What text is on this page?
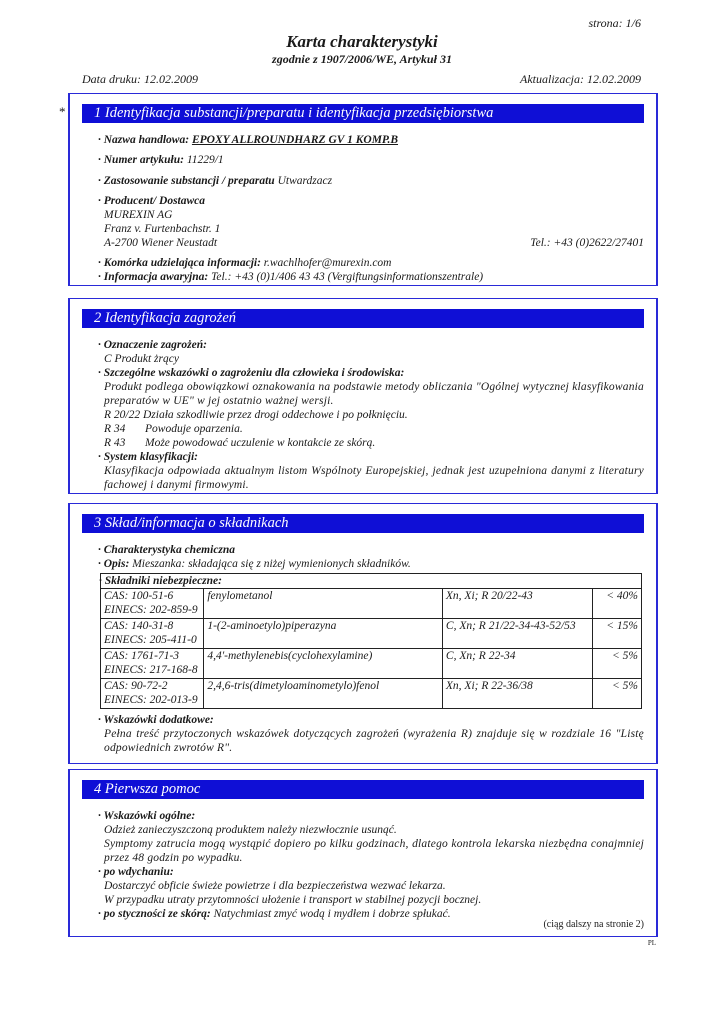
strona: 1/6
Karta charakterystyki
zgodnie z 1907/2006/WE, Artykuł 31
Data druku: 12.02.2009	Aktualizacja: 12.02.2009
*	1 Identyfikacja substancji/preparatu i identyfikacja przedsiębiorstwa
· Nazwa handlowa: EPOXY ALLROUNDHARZ GV 1 KOMP.B
· Numer artykułu: 11229/1
· Zastosowanie substancji / preparatu Utwardzacz
· Producent/ Dostawca
MUREXIN AG
Franz v. Furtenbachstr. 1
A-2700 Wiener Neustadt	Tel.: +43 (0)2622/27401
· Komórka udzielająca informacji: r.wachlhofer@murexin.com
· Informacja awaryjna: Tel.: +43 (0)1/406 43 43 (Vergiftungsinformationszentrale)
2 Identyfikacja zagrożeń
· Oznaczenie zagrożeń:
C Produkt żrący
· Szczególne wskazówki o zagrożeniu dla człowieka i środowiska:
Produkt podlega obowiązkowi oznakowania na podstawie metody obliczania "Ogólnej wytycznej klasyfikowania preparatów w UE" w jej ostatnio ważnej wersji.
R 20/22 Działa szkodliwie przez drogi oddechowe i po połknięciu.
R 34 Powoduje oparzenia.
R 43 Może powodować uczulenie w kontakcie ze skórą.
· System klasyfikacji:
Klasyfikacja odpowiada aktualnym listom Wspólnoty Europejskiej, jednak jest uzupełniona danymi z literatury fachowej i danymi firmowymi.
3 Skład/informacja o składnikach
· Charakterystyka chemiczna
· Opis: Mieszanka: składająca się z niżej wymienionych składników.
· Składniki niebezpieczne:
CAS: 100-51-6
EINECS: 202-859-9	fenylometanol	Xn, Xi; R 20/22-43	< 40%

CAS: 140-31-8
EINECS: 205-411-0	1-(2-aminoetylo)piperazyna	C, Xn; R 21/22-34-43-52/53	< 15%

CAS: 1761-71-3
EINECS: 217-168-8	4,4'-methylenebis(cyclohexylamine)	C, Xn; R 22-34	< 5%

CAS: 90-72-2
EINECS: 202-013-9	2,4,6-tris(dimetyloaminometylo)fenol	Xn, Xi; R 22-36/38	< 5%
· Wskazówki dodatkowe:
Pełna treść przytoczonych wskazówek dotyczących zagrożeń (wyrażenia R) znajduje się w rozdziale 16 "Listę odpowiednich zwrotów R".
4 Pierwsza pomoc
· Wskazówki ogólne:
Odzież zanieczyszczoną produktem należy niezwłocznie usunąć.
Symptomy zatrucia mogą wystąpić dopiero po kilku godzinach, dlatego kontrola lekarska niezbędna conajmniej przez 48 godzin po wypadku.
· po wdychaniu:
Dostarczyć obficie świeże powietrze i dla bezpieczeństwa wezwać lekarza.
W przypadku utraty przytomności ułożenie i transport w stabilnej pozycji bocznej.
· po styczności ze skórą: Natychmiast zmyć wodą i mydłem i dobrze spłukać.
(ciąg dalszy na stronie 2)
PL
